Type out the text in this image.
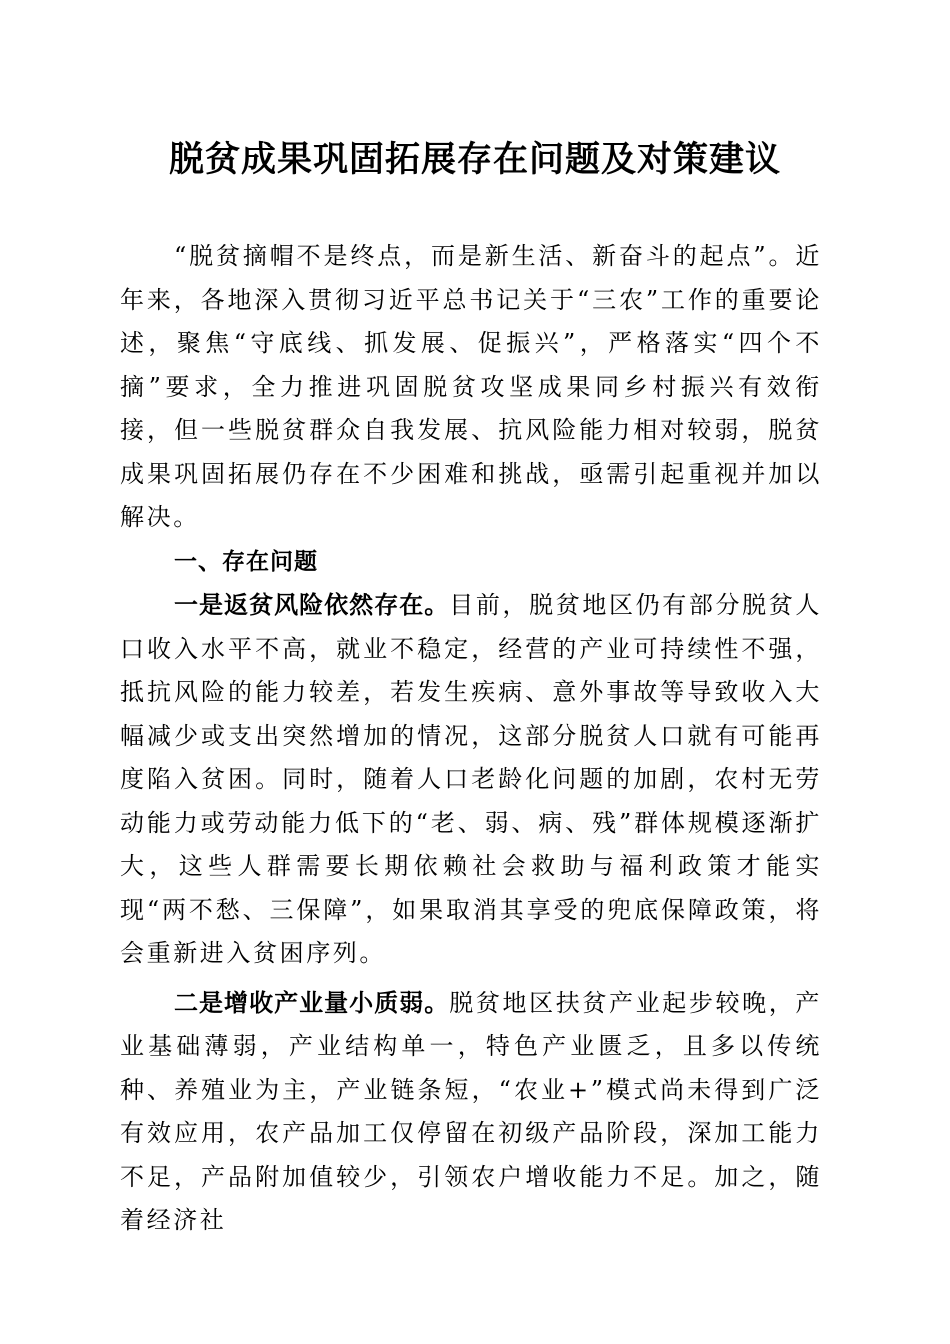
脱贫成果巩固拓展存在问题及对策建议

“脱贫摘帽不是终点，而是新生活、新奋斗的起点”。近年来，各地深入贯彻习近平总书记关于“三农”工作的重要论述，聚焦“守底线、抓发展、促振兴”，严格落实“四个不摘”要求，全力推进巩固脱贫攻坚成果同乡村振兴有效衔接，但一些脱贫群众自我发展、抗风险能力相对较弱，脱贫成果巩固拓展仍存在不少困难和挑战，亟需引起重视并加以解决。

一、存在问题

一是返贫风险依然存在。目前，脱贫地区仍有部分脱贫人口收入水平不高，就业不稳定，经营的产业可持续性不强，抵抗风险的能力较差，若发生疾病、意外事故等导致收入大幅减少或支出突然增加的情况，这部分脱贫人口就有可能再度陷入贫困。同时，随着人口老龄化问题的加剧，农村无劳动能力或劳动能力低下的“老、弱、病、残”群体规模逐渐扩大，这些人群需要长期依赖社会救助与福利政策才能实现“两不愁、三保障”，如果取消其享受的兜底保障政策，将会重新进入贫困序列。

二是增收产业量小质弱。脱贫地区扶贫产业起步较晚，产业基础薄弱，产业结构单一，特色产业匮乏，且多以传统种、养殖业为主，产业链条短，“农业+”模式尚未得到广泛有效应用，农产品加工仅停留在初级产品阶段，深加工能力不足，产品附加值较少，引领农户增收能力不足。加之，随着经济社
